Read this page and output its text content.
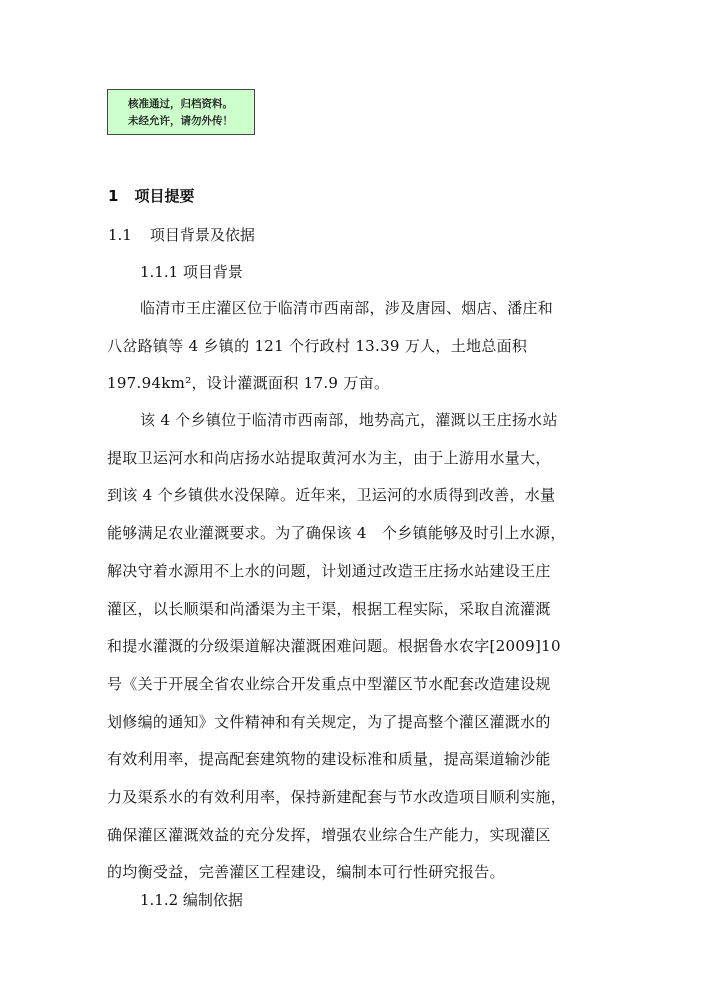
核准通过，归档资料。
未经允许，请勿外传！
1 项目提要
1.1 项目背景及依据
1.1.1 项目背景
临清市王庄灌区位于临清市西南部，涉及唐园、烟店、潘庄和
八岔路镇等 4 乡镇的 121 个行政村 13.39 万人，土地总面积
197.94km²，设计灌溉面积 17.9 万亩。
该 4 个乡镇位于临清市西南部，地势高亢，灌溉以王庄扬水站
提取卫运河水和尚店扬水站提取黄河水为主，由于上游用水量大，
到该 4 个乡镇供水没保障。近年来，卫运河的水质得到改善，水量
能够满足农业灌溉要求。为了确保该 4　个乡镇能够及时引上水源，
解决守着水源用不上水的问题，计划通过改造王庄扬水站建设王庄
灌区，以长顺渠和尚潘渠为主干渠，根据工程实际，采取自流灌溉
和提水灌溉的分级渠道解决灌溉困难问题。根据鲁水农字[2009]10
号《关于开展全省农业综合开发重点中型灌区节水配套改造建设规
划修编的通知》文件精神和有关规定，为了提高整个灌区灌溉水的
有效利用率，提高配套建筑物的建设标准和质量，提高渠道输沙能
力及渠系水的有效利用率，保持新建配套与节水改造项目顺利实施，
确保灌区灌溉效益的充分发挥，增强农业综合生产能力，实现灌区
的均衡受益，完善灌区工程建设，编制本可行性研究报告。
1.1.2 编制依据
